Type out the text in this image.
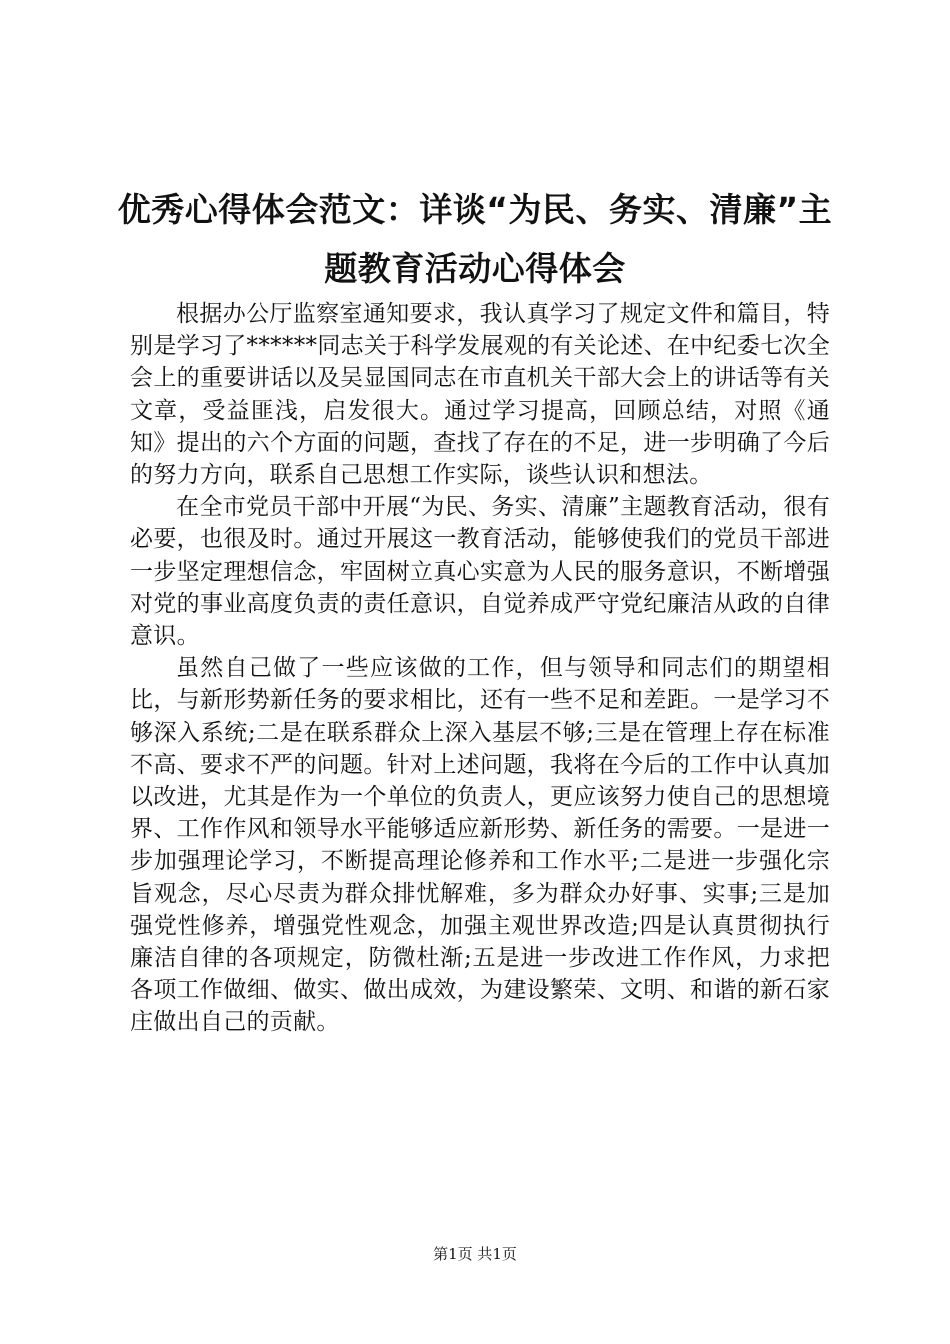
优秀心得体会范文：详谈“为民、务实、清廉”主题教育活动心得体会

根据办公厅监察室通知要求，我认真学习了规定文件和篇目，特别是学习了******同志关于科学发展观的有关论述、在中纪委七次全会上的重要讲话以及吴显国同志在市直机关干部大会上的讲话等有关文章，受益匪浅，启发很大。通过学习提高，回顾总结，对照《通知》提出的六个方面的问题，查找了存在的不足，进一步明确了今后的努力方向，联系自己思想工作实际，谈些认识和想法。

在全市党员干部中开展“为民、务实、清廉”主题教育活动，很有必要，也很及时。通过开展这一教育活动，能够使我们的党员干部进一步坚定理想信念，牢固树立真心实意为人民的服务意识，不断增强对党的事业高度负责的责任意识，自觉养成严守党纪廉洁从政的自律意识。

虽然自己做了一些应该做的工作，但与领导和同志们的期望相比，与新形势新任务的要求相比，还有一些不足和差距。一是学习不够深入系统;二是在联系群众上深入基层不够;三是在管理上存在标准不高、要求不严的问题。针对上述问题，我将在今后的工作中认真加以改进，尤其是作为一个单位的负责人，更应该努力使自己的思想境界、工作作风和领导水平能够适应新形势、新任务的需要。一是进一步加强理论学习，不断提高理论修养和工作水平;二是进一步强化宗旨观念，尽心尽责为群众排忧解难，多为群众办好事、实事;三是加强党性修养，增强党性观念，加强主观世界改造;四是认真贯彻执行廉洁自律的各项规定，防微杜渐;五是进一步改进工作作风，力求把各项工作做细、做实、做出成效，为建设繁荣、文明、和谐的新石家庄做出自己的贡献。

第1页 共1页
